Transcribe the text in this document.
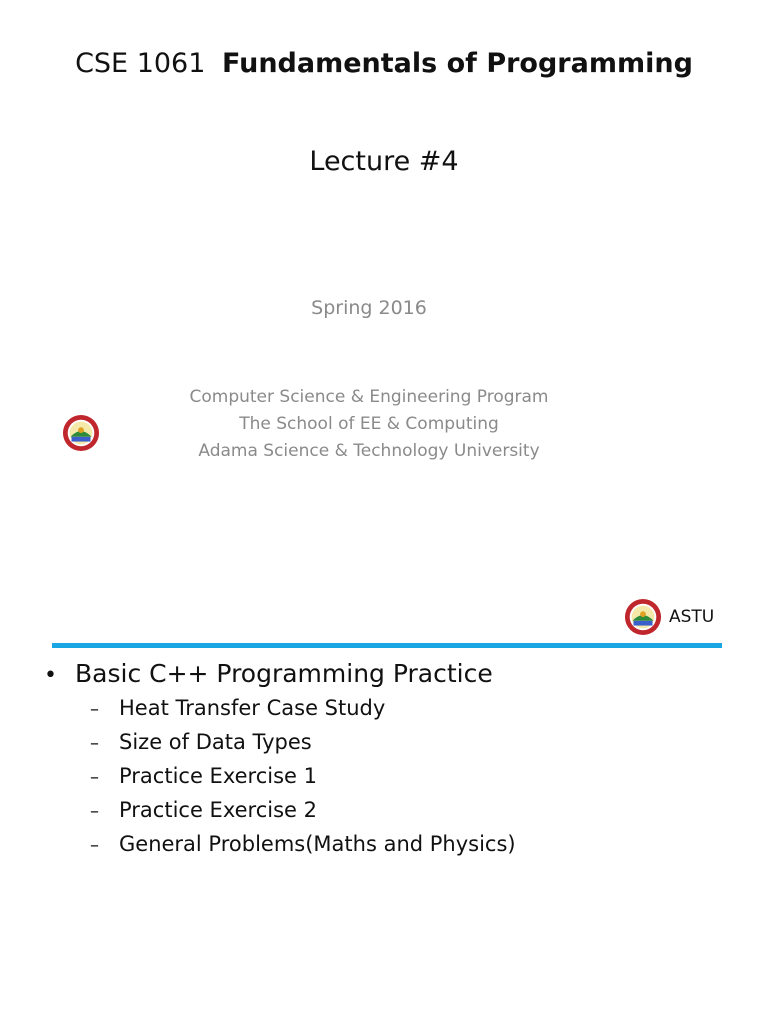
CSE 1061 Fundamentals of Programming
Lecture #4
Spring 2016
Computer Science & Engineering Program
The School of EE & Computing
Adama Science & Technology University
ASTU
• Basic C++ Programming Practice
– Heat Transfer Case Study
– Size of Data Types
– Practice Exercise 1
– Practice Exercise 2
– General Problems(Maths and Physics)
